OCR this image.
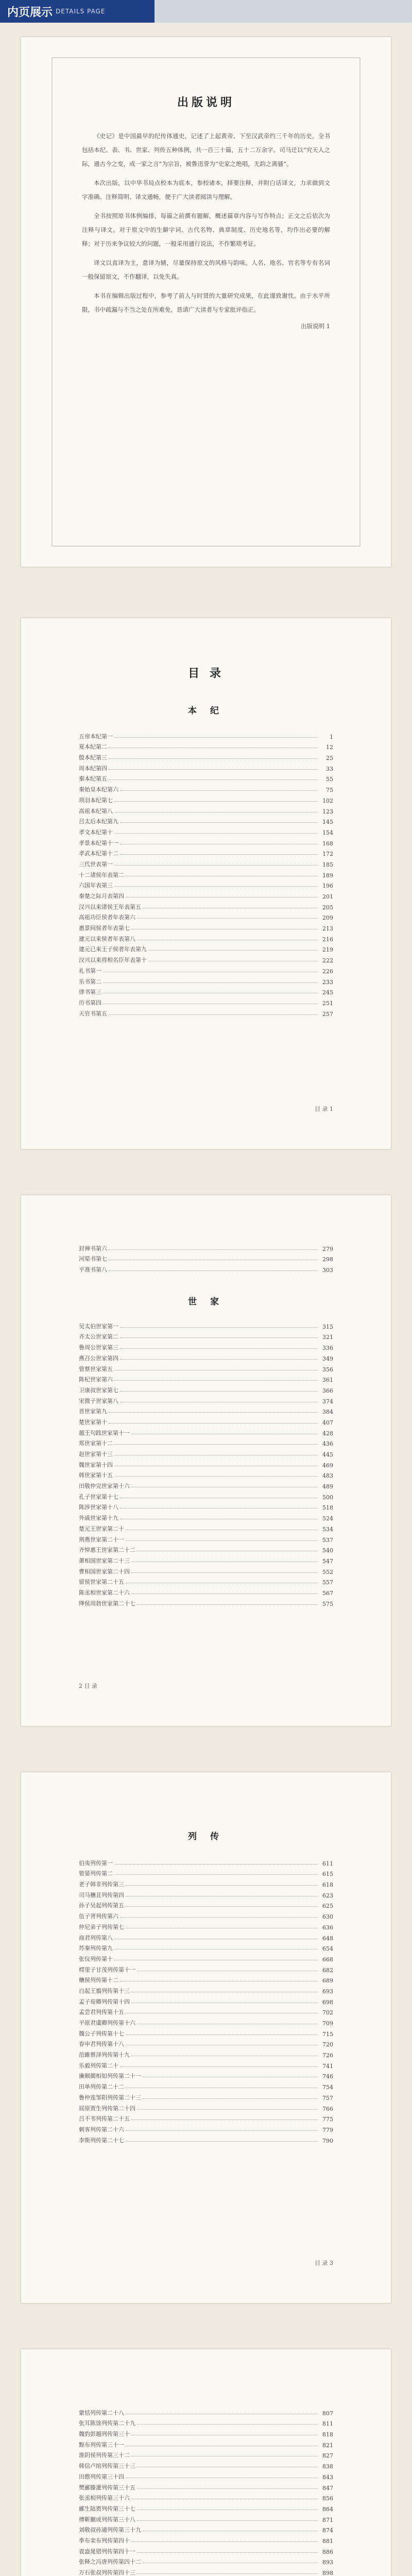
内页展示 DETAILS PAGE
出版说明

《史记》是中国最早的纪传体通史，记述了上起黄帝、下至汉武帝约三千年的历史，全书包括本纪、表、书、世家、列传五种体例，共一百三十篇，五十二万余字。司马迁以“究天人之际，通古今之变，成一家之言”为宗旨，被鲁迅誉为“史家之绝唱，无韵之离骚”。

本次出版，以中华书局点校本为底本，参校诸本，择要注释，并附白话译文，力求做到文字准确、注释简明、译文通畅，便于广大读者阅读与理解。

全书按照原书体例编排，每篇之前撰有题解，概述篇章内容与写作特点；正文之后依次为注释与译文。对于原文中的生僻字词、古代名物、典章制度、历史地名等，均作出必要的解释；对于历来争议较大的问题，一般采用通行说法，不作繁琐考证。

译文以直译为主，意译为辅，尽量保持原文的风格与韵味。人名、地名、官名等专有名词一般保留原文，不作翻译，以免失真。

本书在编辑出版过程中，参考了前人与时贤的大量研究成果，在此谨致谢忱。由于水平所限，书中疏漏与不当之处在所难免，恳请广大读者与专家批评指正。

出版说明 1
目 录
本 纪
五帝本纪第一	1
夏本纪第二	12
殷本纪第三	25
周本纪第四	33
秦本纪第五	55
秦始皇本纪第六	75
项羽本纪第七	102
高祖本纪第八	123
吕太后本纪第九	145
孝文本纪第十	154
孝景本纪第十一	168
孝武本纪第十二	172
三代世表第一	185
十二诸侯年表第二	189
六国年表第三	196
秦楚之际月表第四	201
汉兴以来诸侯王年表第五	205
高祖功臣侯者年表第六	209
惠景间侯者年表第七	213
建元以来侯者年表第八	216
建元已来王子侯者年表第九	219
汉兴以来将相名臣年表第十	222
礼书第一	226
乐书第二	233
律书第三	245
历书第四	251
天官书第五	257
目 录 1
封禅书第六	279
河渠书第七	298
平准书第八	303
世 家
吴太伯世家第一	315
齐太公世家第二	321
鲁周公世家第三	336
燕召公世家第四	349
管蔡世家第五	356
陈杞世家第六	361
卫康叔世家第七	366
宋微子世家第八	374
晋世家第九	384
楚世家第十	407
越王句践世家第十一	428
郑世家第十二	436
赵世家第十三	445
魏世家第十四	469
韩世家第十五	483
田敬仲完世家第十六	489
孔子世家第十七	500
陈涉世家第十八	518
外戚世家第十九	524
楚元王世家第二十	534
荆燕世家第二十一	537
齐悼惠王世家第二十二	540
萧相国世家第二十三	547
曹相国世家第二十四	552
留侯世家第二十五	557
陈丞相世家第二十六	567
绛侯周勃世家第二十七	575
2 目 录
列 传
伯夷列传第一	611
管晏列传第二	615
老子韩非列传第三	618
司马穰苴列传第四	623
孙子吴起列传第五	625
伍子胥列传第六	630
仲尼弟子列传第七	636
商君列传第八	648
苏秦列传第九	654
张仪列传第十	668
樗里子甘茂列传第十一	682
穰侯列传第十二	689
白起王翦列传第十三	693
孟子荀卿列传第十四	698
孟尝君列传第十五	702
平原君虞卿列传第十六	709
魏公子列传第十七	715
春申君列传第十八	720
范雎蔡泽列传第十九	726
乐毅列传第二十	741
廉颇蔺相如列传第二十一	746
田单列传第二十二	754
鲁仲连邹阳列传第二十三	757
屈原贾生列传第二十四	766
吕不韦列传第二十五	775
刺客列传第二十六	779
李斯列传第二十七	790
目 录 3
蒙恬列传第二十八	807
张耳陈馀列传第二十九	811
魏豹彭越列传第三十	818
黥布列传第三十一	821
淮阴侯列传第三十二	827
韩信卢绾列传第三十三	838
田儋列传第三十四	843
樊郦滕灌列传第三十五	847
张丞相列传第三十六	856
郦生陆贾列传第三十七	864
傅靳蒯成列传第三十八	871
刘敬叔孙通列传第三十九	874
季布栾布列传第四十	881
袁盎晁错列传第四十一	886
张释之冯唐列传第四十二	893
万石张叔列传第四十三	898
